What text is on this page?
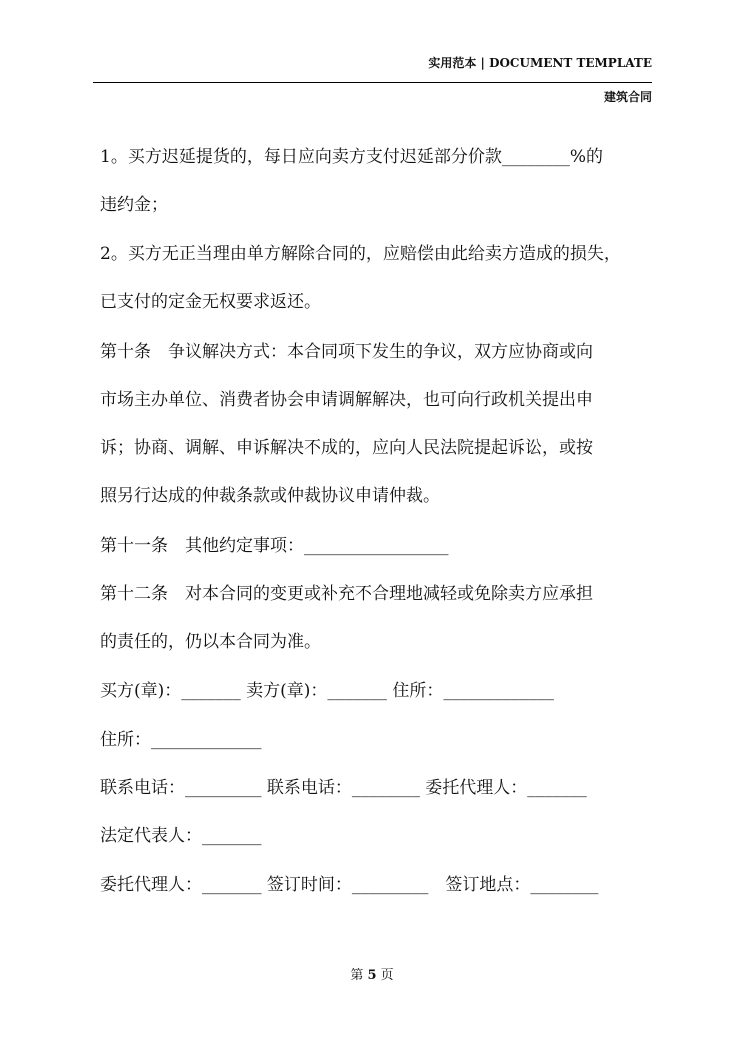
实用范本 | DOCUMENT TEMPLATE
建筑合同
1。买方迟延提货的，每日应向卖方支付迟延部分价款________%的
违约金；
2。买方无正当理由单方解除合同的，应赔偿由此给卖方造成的损失，
已支付的定金无权要求返还。
第十条　争议解决方式：本合同项下发生的争议，双方应协商或向
市场主办单位、消费者协会申请调解解决，也可向行政机关提出申
诉；协商、调解、申诉解决不成的，应向人民法院提起诉讼，或按
照另行达成的仲裁条款或仲裁协议申请仲裁。
第十一条　其他约定事项：_________________
第十二条　对本合同的变更或补充不合理地减轻或免除卖方应承担
的责任的，仍以本合同为准。
买方(章)：_______ 卖方(章)：_______ 住所：_____________
住所：_____________
联系电话：_________ 联系电话：________ 委托代理人：_______
法定代表人：_______
委托代理人：_______ 签订时间：_________　签订地点：________
第 5 页
